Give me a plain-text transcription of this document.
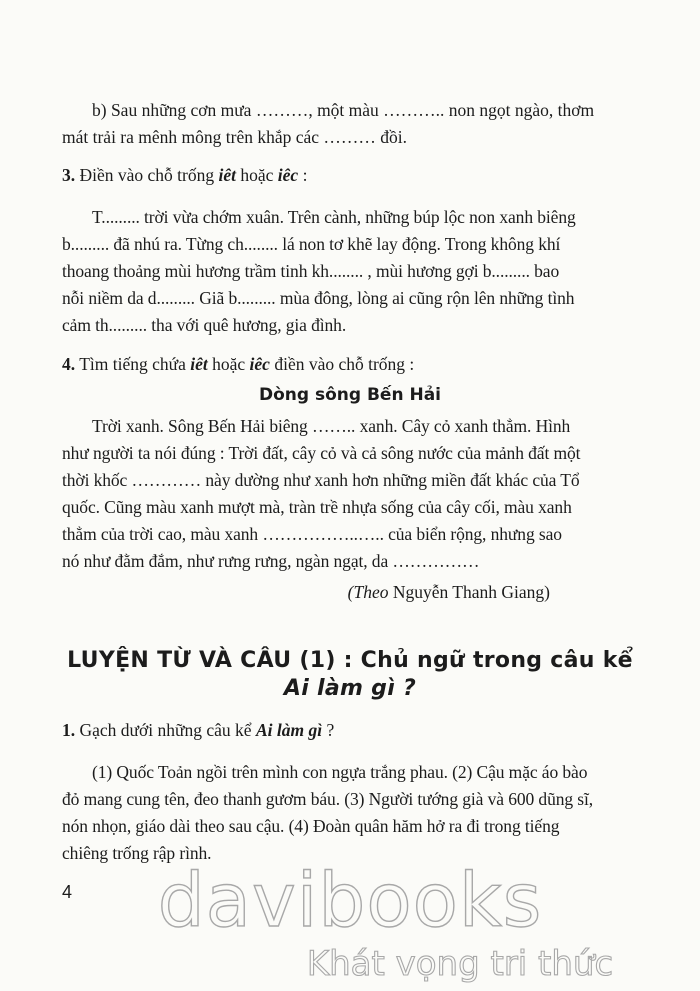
b) Sau những cơn mưa ………, một màu ……….. non ngọt ngào, thơm
mát trải ra mênh mông trên khắp các ……… đồi.
3. Điền vào chỗ trống iêt hoặc iêc :
T......... trời vừa chớm xuân. Trên cành, những búp lộc non xanh biêng
b......... đã nhú ra. Từng ch........ lá non tơ khẽ lay động. Trong không khí
thoang thoảng mùi hương trầm tinh kh........ , mùi hương gợi b......... bao
nỗi niềm da d......... Giã b......... mùa đông, lòng ai cũng rộn lên những tình
cảm th......... tha với quê hương, gia đình.
4. Tìm tiếng chứa iêt hoặc iêc điền vào chỗ trống :
Dòng sông Bến Hải
Trời xanh. Sông Bến Hải biêng …….. xanh. Cây cỏ xanh thẳm. Hình
như người ta nói đúng : Trời đất, cây cỏ và cả sông nước của mảnh đất một
thời khốc ………… này dường như xanh hơn những miền đất khác của Tổ
quốc. Cũng màu xanh mượt mà, tràn trề nhựa sống của cây cối, màu xanh
thẳm của trời cao, màu xanh ……………..….. của biển rộng, nhưng sao
nó như đằm đắm, như rưng rưng, ngàn ngạt, da ……………
(Theo Nguyễn Thanh Giang)
LUYỆN TỪ VÀ CÂU (1) : Chủ ngữ trong câu kể
Ai làm gì ?
1. Gạch dưới những câu kể Ai làm gì ?
(1) Quốc Toản ngồi trên mình con ngựa trắng phau. (2) Cậu mặc áo bào
đỏ mang cung tên, đeo thanh gươm báu. (3) Người tướng già và 600 dũng sĩ,
nón nhọn, giáo dài theo sau cậu. (4) Đoàn quân hăm hở ra đi trong tiếng
chiêng trống rập rình.
4	davibooks
Khát vọng tri thức
